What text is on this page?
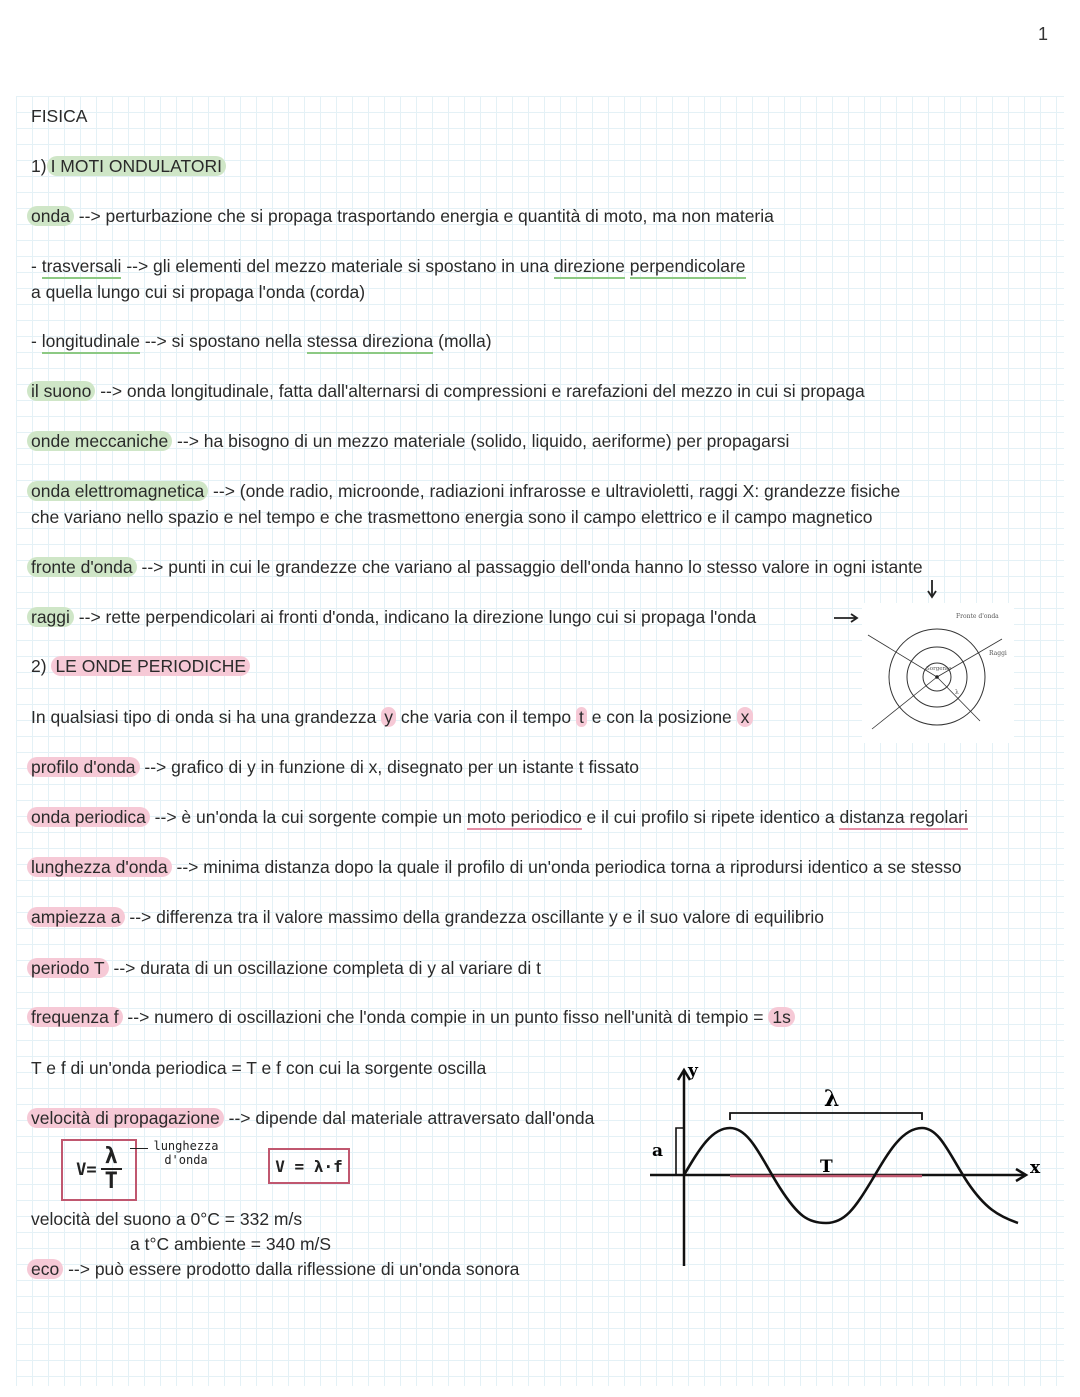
1
FISICA
1) I MOTI ONDULATORI
onda --> perturbazione che si propaga trasportando energia e quantità di moto, ma non materia
- trasversali --> gli elementi del mezzo materiale si spostano in una direzione perpendicolare
a quella lungo cui si propaga l'onda (corda)
- longitudinale --> si spostano nella stessa direziona (molla)
il suono --> onda longitudinale, fatta dall'alternarsi di compressioni e rarefazioni del mezzo in cui si propaga
onde meccaniche --> ha bisogno di un mezzo materiale (solido, liquido, aeriforme) per propagarsi
onda elettromagnetica --> (onde radio, microonde, radiazioni infrarosse e ultravioletti, raggi X: grandezze fisiche
che variano nello spazio e nel tempo e che trasmettono energia sono il campo elettrico e il campo magnetico
fronte d'onda --> punti in cui le grandezze che variano al passaggio dell'onda hanno lo stesso valore in ogni istante
raggi --> rette perpendicolari ai fronti d'onda, indicano la direzione lungo cui si propaga l'onda	Fronte d'onda
Raggi
Sorgente
λ
2) LE ONDE PERIODICHE
In qualsiasi tipo di onda si ha una grandezza y che varia con il tempo t e con la posizione x
profilo d'onda --> grafico di y in funzione di x, disegnato per un istante t fissato
onda periodica --> è un'onda la cui sorgente compie un moto periodico e il cui profilo si ripete identico a distanza regolari
lunghezza d'onda --> minima distanza dopo la quale il profilo di un'onda periodica torna a riprodursi identico a se stesso
ampiezza a --> differenza tra il valore massimo della grandezza oscillante y e il suo valore di equilibrio
periodo T --> durata di un oscillazione completa di y al variare di t
frequenza f --> numero di oscillazioni che l'onda compie in un punto fisso nell'unità di tempio = 1s
T e f di un'onda periodica = T e f con cui la sorgente oscilla
velocità di propagazione --> dipende dal materiale attraversato dall'onda
$V= \frac{\lambda}{T}$	lunghezza d'onda	V = λ·f
velocità del suono a 0°C = 332 m/s
a t°C ambiente = 340 m/S
eco --> può essere prodotto dalla riflessione di un'onda sonora
y
x
T
λ
a
